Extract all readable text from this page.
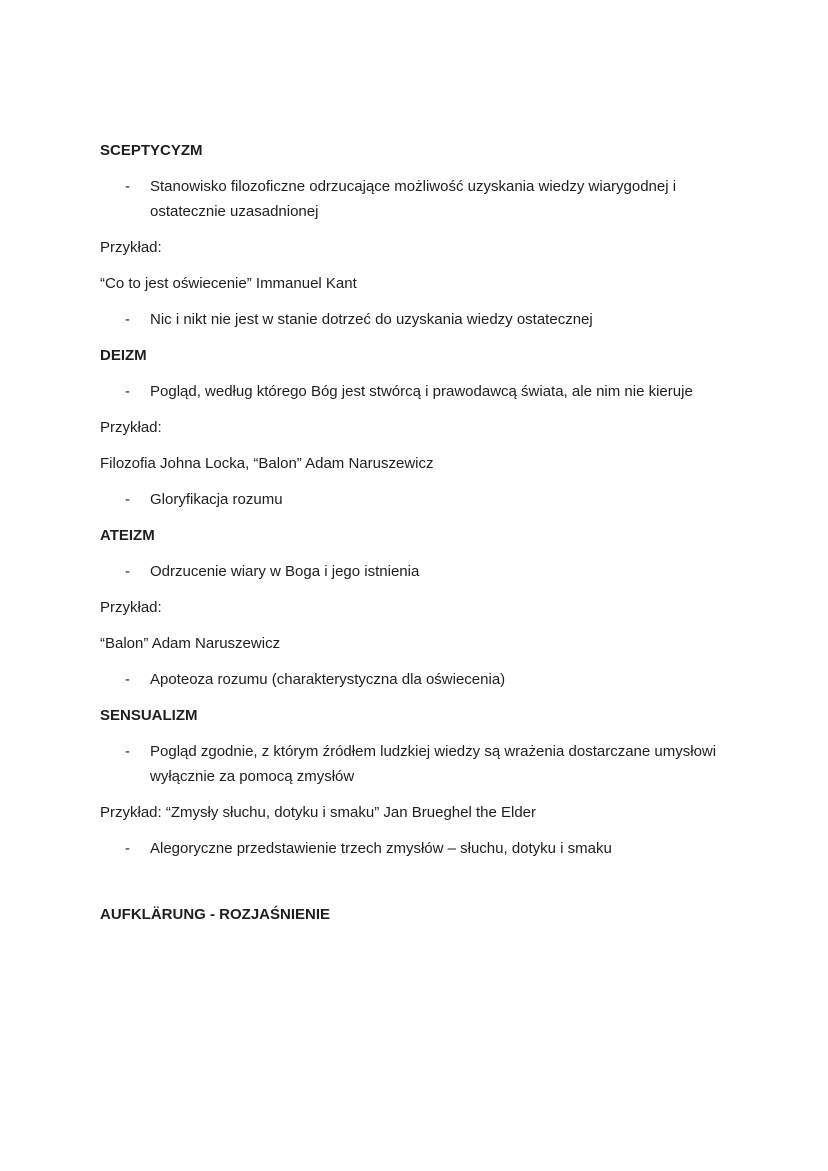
SCEPTYCYZM
-	Stanowisko filozoficzne odrzucające możliwość uzyskania wiedzy wiarygodnej i ostatecznie uzasadnionej
Przykład:
“Co to jest oświecenie” Immanuel Kant
-	Nic i nikt nie jest w stanie dotrzeć do uzyskania wiedzy ostatecznej
DEIZM
-	Pogląd, według którego Bóg jest stwórcą i prawodawcą świata, ale nim nie kieruje
Przykład:
Filozofia Johna Locka, “Balon” Adam Naruszewicz
-	Gloryfikacja rozumu
ATEIZM
-	Odrzucenie wiary w Boga i jego istnienia
Przykład:
“Balon” Adam Naruszewicz
-	Apoteoza rozumu (charakterystyczna dla oświecenia)
SENSUALIZM
-	Pogląd zgodnie, z którym źródłem ludzkiej wiedzy są wrażenia dostarczane umysłowi wyłącznie za pomocą zmysłów
Przykład: “Zmysły słuchu, dotyku i smaku” Jan Brueghel the Elder
-	Alegoryczne przedstawienie trzech zmysłów – słuchu, dotyku i smaku
AUFKLÄRUNG - ROZJAŚNIENIE
